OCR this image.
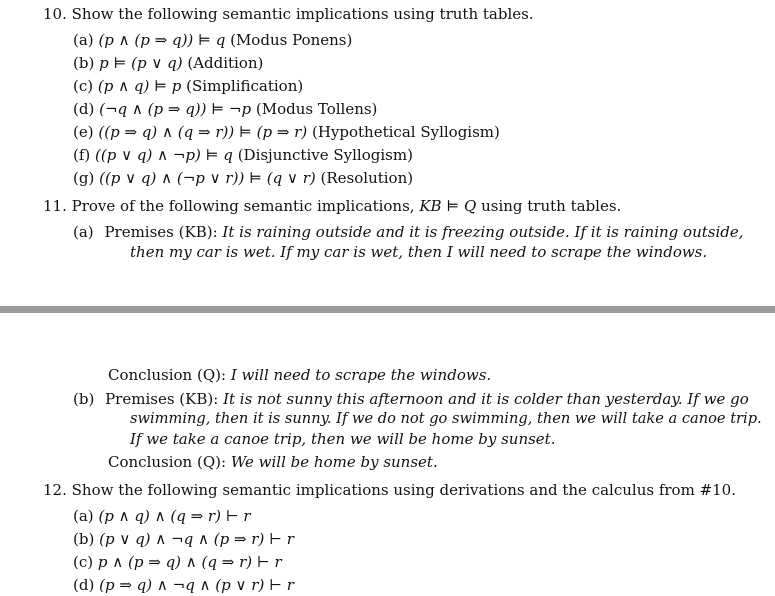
10. Show the following semantic implications using truth tables.
(a) (p ∧ (p ⇒ q)) ⊨ q (Modus Ponens)
(b) p ⊨ (p ∨ q) (Addition)
(c) (p ∧ q) ⊨ p (Simplification)
(d) (¬q ∧ (p ⇒ q)) ⊨ ¬p (Modus Tollens)
(e) ((p ⇒ q) ∧ (q ⇒ r)) ⊨ (p ⇒ r) (Hypothetical Syllogism)
(f) ((p ∨ q) ∧ ¬p) ⊨ q (Disjunctive Syllogism)
(g) ((p ∨ q) ∧ (¬p ∨ r)) ⊨ (q ∨ r) (Resolution)
11. Prove of the following semantic implications, KB ⊨ Q using truth tables.
(a) Premises (KB): It is raining outside and it is freezing outside. If it is raining outside,
then my car is wet. If my car is wet, then I will need to scrape the windows.
Conclusion (Q): I will need to scrape the windows.
(b) Premises (KB): It is not sunny this afternoon and it is colder than yesterday. If we go
swimming, then it is sunny. If we do not go swimming, then we will take a canoe trip.
If we take a canoe trip, then we will be home by sunset.
Conclusion (Q): We will be home by sunset.
12. Show the following semantic implications using derivations and the calculus from #10.
(a) (p ∧ q) ∧ (q ⇒ r) ⊢ r
(b) (p ∨ q) ∧ ¬q ∧ (p ⇒ r) ⊢ r
(c) p ∧ (p ⇒ q) ∧ (q ⇒ r) ⊢ r
(d) (p ⇒ q) ∧ ¬q ∧ (p ∨ r) ⊢ r
